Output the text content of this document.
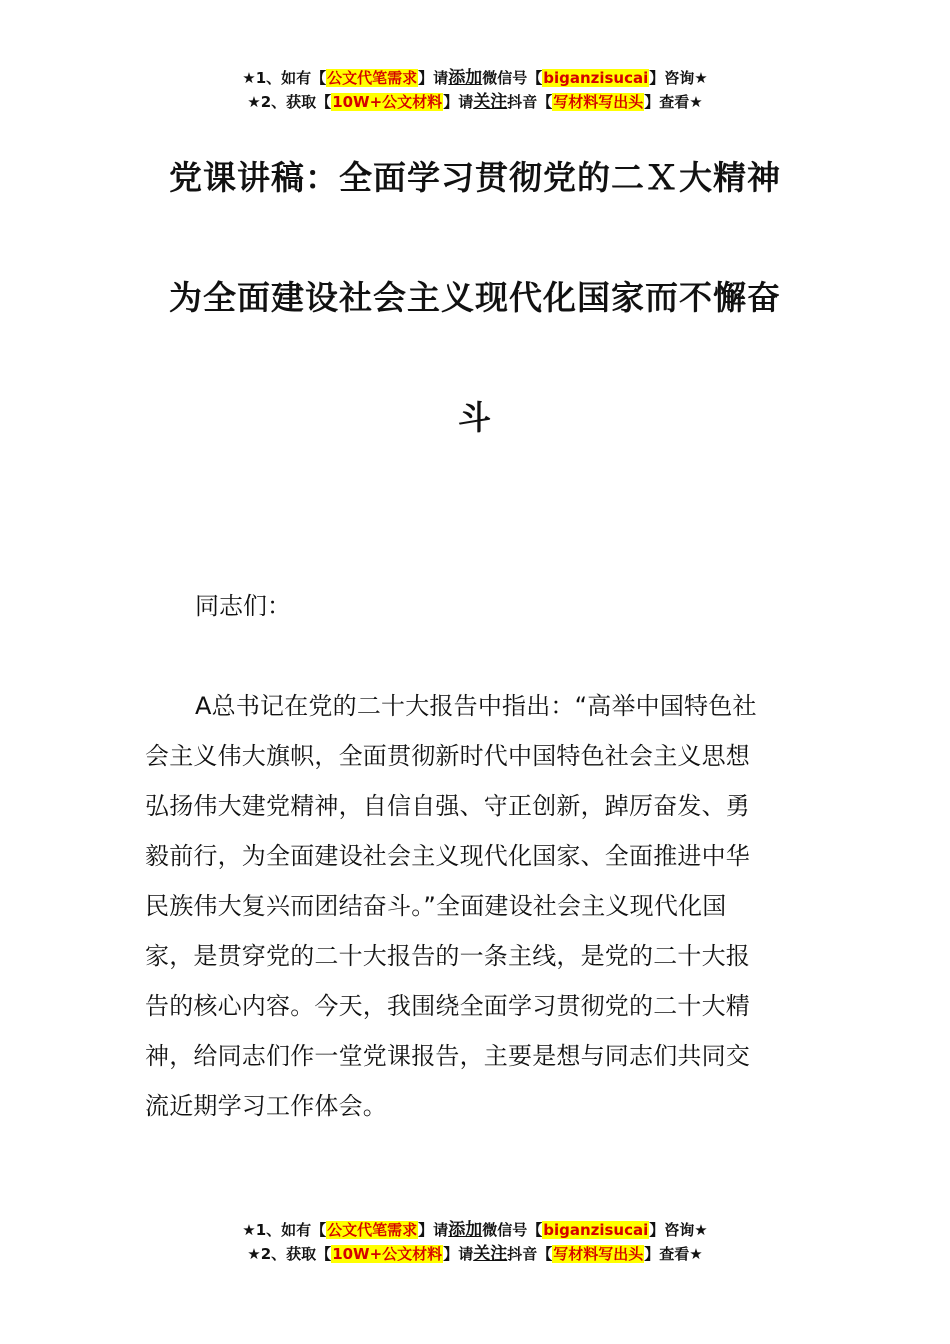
★1、如有【公文代笔需求】请添加微信号【biganzisucai】咨询★
★2、获取【10W+公文材料】请关注抖音【写材料写出头】查看★
党课讲稿：全面学习贯彻党的二Ｘ大精神
为全面建设社会主义现代化国家而不懈奋
斗
同志们：
A总书记在党的二十大报告中指出：“高举中国特色社
会主义伟大旗帜，全面贯彻新时代中国特色社会主义思想
弘扬伟大建党精神，自信自强、守正创新，踔厉奋发、勇
毅前行，为全面建设社会主义现代化国家、全面推进中华
民族伟大复兴而团结奋斗。”全面建设社会主义现代化国
家，是贯穿党的二十大报告的一条主线，是党的二十大报
告的核心内容。今天，我围绕全面学习贯彻党的二十大精
神，给同志们作一堂党课报告，主要是想与同志们共同交
流近期学习工作体会。
★1、如有【公文代笔需求】请添加微信号【biganzisucai】咨询★
★2、获取【10W+公文材料】请关注抖音【写材料写出头】查看★
